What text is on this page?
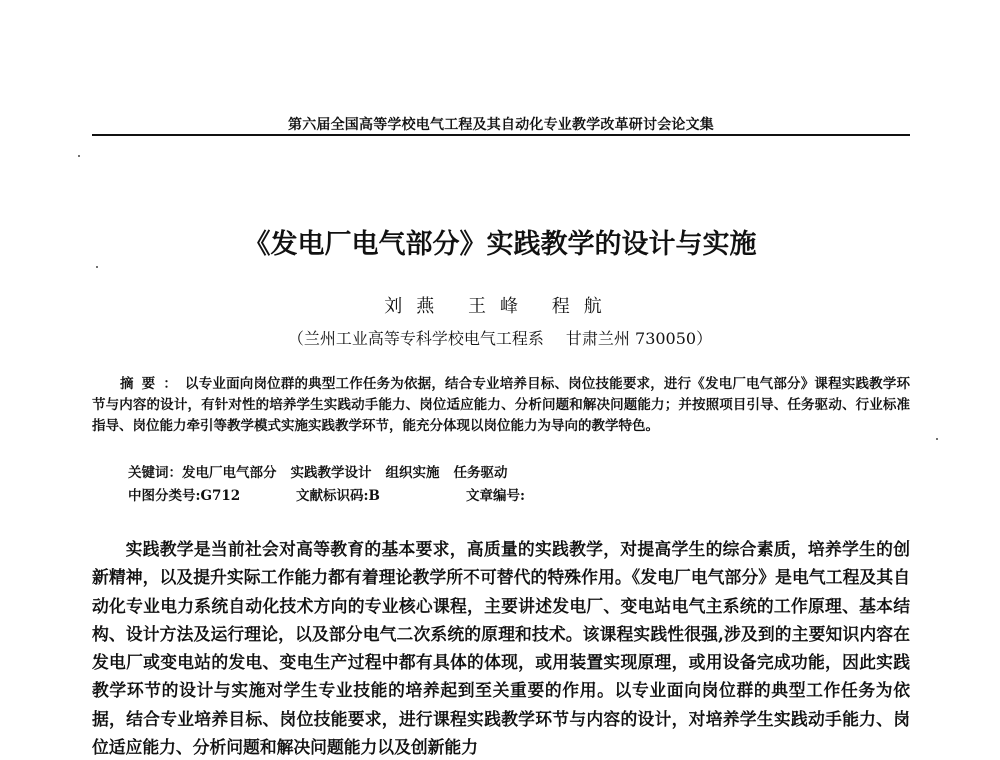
第六届全国高等学校电气工程及其自动化专业教学改革研讨会论文集
《发电厂电气部分》实践教学的设计与实施
刘燕 王峰 程航
（兰州工业高等专科学校电气工程系 甘肃兰州 730050）
摘要：以专业面向岗位群的典型工作任务为依据，结合专业培养目标、岗位技能要求，进行《发电厂电气部分》课程实践教学环节与内容的设计，有针对性的培养学生实践动手能力、岗位适应能力、分析问题和解决问题能力；并按照项目引导、任务驱动、行业标准指导、岗位能力牵引等教学模式实施实践教学环节，能充分体现以岗位能力为导向的教学特色。
关键词：发电厂电气部分 实践教学设计 组织实施 任务驱动
中图分类号:G712	文献标识码:B	文章编号:
实践教学是当前社会对高等教育的基本要求，高质量的实践教学，对提高学生的综合素质，培养学生的创新精神，以及提升实际工作能力都有着理论教学所不可替代的特殊作用。《发电厂电气部分》是电气工程及其自动化专业电力系统自动化技术方向的专业核心课程，主要讲述发电厂、变电站电气主系统的工作原理、基本结构、设计方法及运行理论，以及部分电气二次系统的原理和技术。该课程实践性很强,涉及到的主要知识内容在发电厂或变电站的发电、变电生产过程中都有具体的体现，或用装置实现原理，或用设备完成功能，因此实践教学环节的设计与实施对学生专业技能的培养起到至关重要的作用。以专业面向岗位群的典型工作任务为依据，结合专业培养目标、岗位技能要求，进行课程实践教学环节与内容的设计，对培养学生实践动手能力、岗位适应能力、分析问题和解决问题能力以及创新能力
